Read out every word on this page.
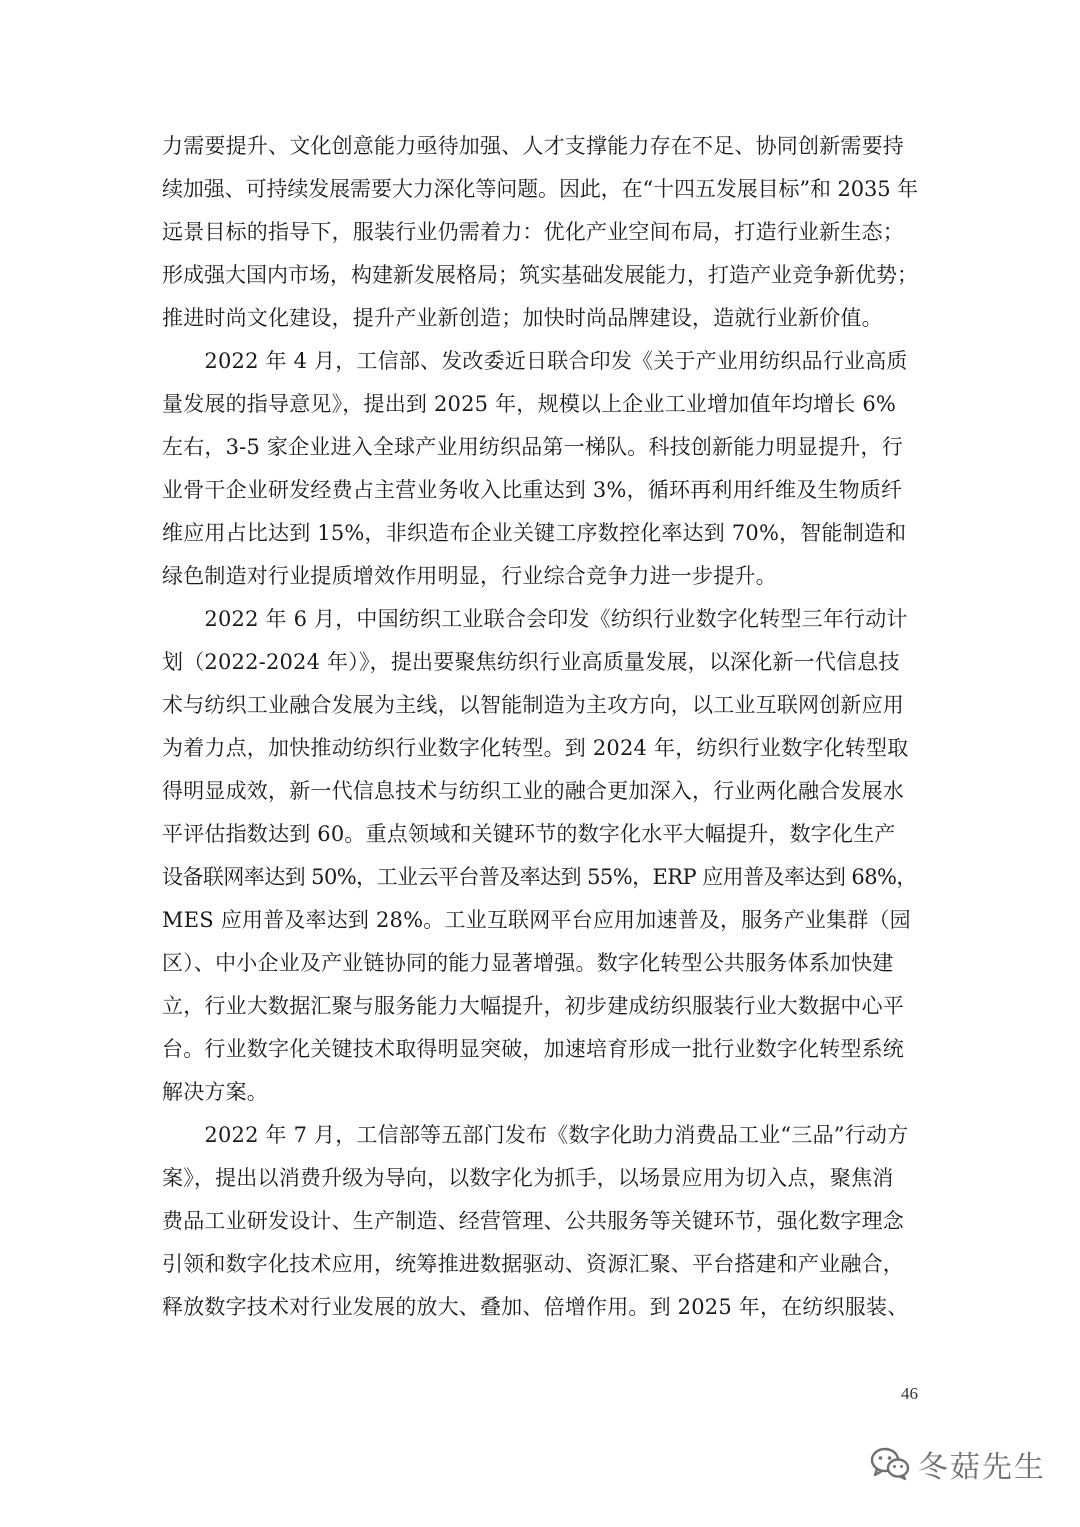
力需要提升、文化创意能力亟待加强、人才支撑能力存在不足、协同创新需要持
续加强、可持续发展需要大力深化等问题。因此，在“十四五发展目标”和 2035 年
远景目标的指导下，服装行业仍需着力：优化产业空间布局，打造行业新生态；
形成强大国内市场，构建新发展格局；筑实基础发展能力，打造产业竞争新优势；
推进时尚文化建设，提升产业新创造；加快时尚品牌建设，造就行业新价值。
　　2022 年 4 月，工信部、发改委近日联合印发《关于产业用纺织品行业高质
量发展的指导意见》，提出到 2025 年，规模以上企业工业增加值年均增长 6%
左右，3-5 家企业进入全球产业用纺织品第一梯队。科技创新能力明显提升，行
业骨干企业研发经费占主营业务收入比重达到 3%，循环再利用纤维及生物质纤
维应用占比达到 15%，非织造布企业关键工序数控化率达到 70%，智能制造和
绿色制造对行业提质增效作用明显，行业综合竞争力进一步提升。
　　2022 年 6 月，中国纺织工业联合会印发《纺织行业数字化转型三年行动计
划（2022-2024 年）》，提出要聚焦纺织行业高质量发展，以深化新一代信息技
术与纺织工业融合发展为主线，以智能制造为主攻方向，以工业互联网创新应用
为着力点，加快推动纺织行业数字化转型。到 2024 年，纺织行业数字化转型取
得明显成效，新一代信息技术与纺织工业的融合更加深入，行业两化融合发展水
平评估指数达到 60。重点领域和关键环节的数字化水平大幅提升，数字化生产
设备联网率达到 50%，工业云平台普及率达到 55%，ERP 应用普及率达到 68%，
MES 应用普及率达到 28%。工业互联网平台应用加速普及，服务产业集群（园
区）、中小企业及产业链协同的能力显著增强。数字化转型公共服务体系加快建
立，行业大数据汇聚与服务能力大幅提升，初步建成纺织服装行业大数据中心平
台。行业数字化关键技术取得明显突破，加速培育形成一批行业数字化转型系统
解决方案。
　　2022 年 7 月，工信部等五部门发布《数字化助力消费品工业“三品”行动方
案》，提出以消费升级为导向，以数字化为抓手，以场景应用为切入点，聚焦消
费品工业研发设计、生产制造、经营管理、公共服务等关键环节，强化数字理念
引领和数字化技术应用，统筹推进数据驱动、资源汇聚、平台搭建和产业融合，
释放数字技术对行业发展的放大、叠加、倍增作用。到 2025 年，在纺织服装、
46
冬菇先生
